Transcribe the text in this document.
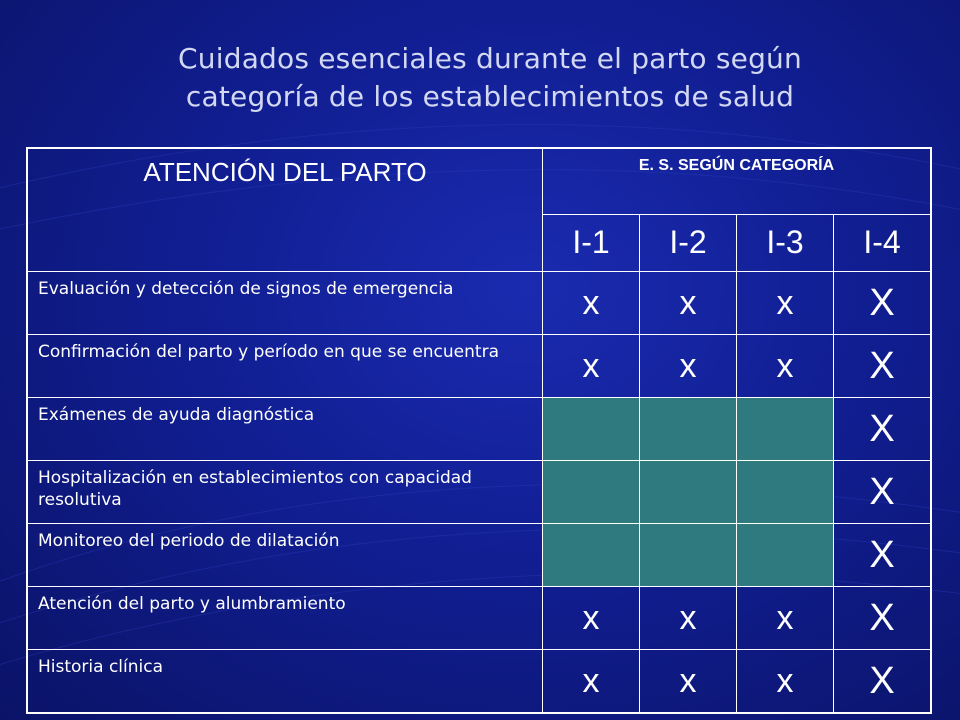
Cuidados esenciales durante el parto según
categoría de los establecimientos de salud
ATENCIÓN DEL PARTO	E. S. SEGÚN CATEGORÍA			
	I-1	I-2	I-3	I-4
Evaluación y detección de signos de emergencia	x	x	x	X
Confirmación del parto y período en que se encuentra	x	x	x	X
Exámenes de ayuda diagnóstica				X
Hospitalización en establecimientos con capacidad resolutiva				X
Monitoreo del periodo de dilatación				X
Atención del parto y alumbramiento	x	x	x	X
Historia clínica	x	x	x	X
